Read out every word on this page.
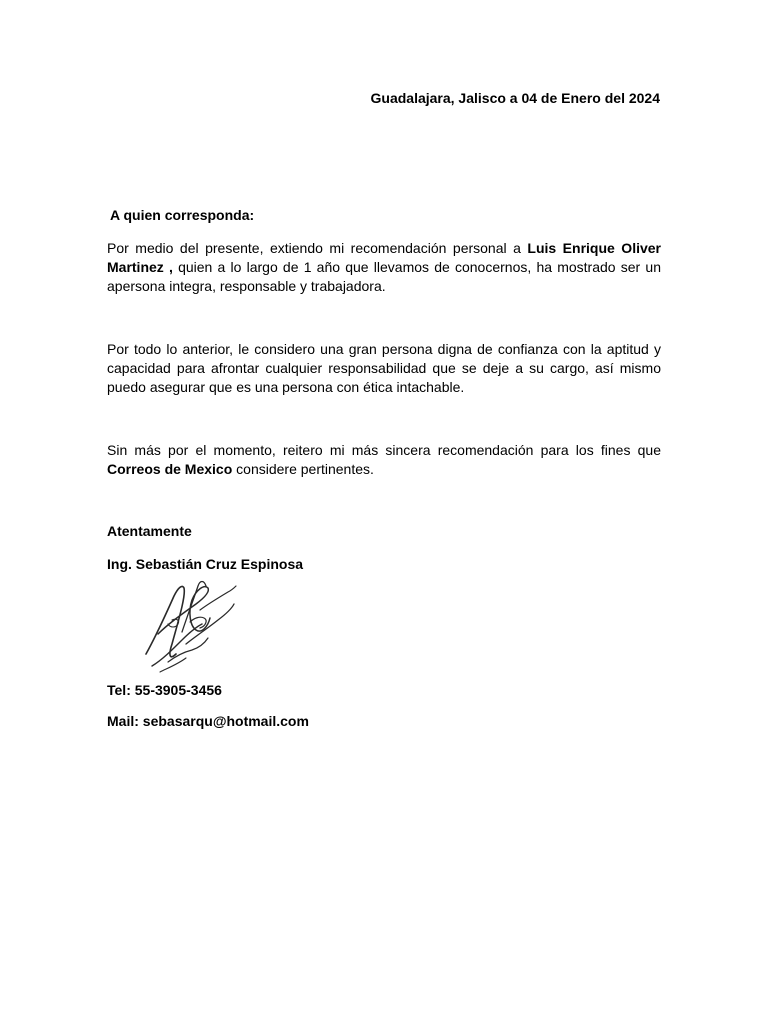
Guadalajara, Jalisco a 04 de Enero del 2024
A quien corresponda:
Por medio del presente, extiendo mi recomendación personal a Luis Enrique Oliver
Martinez , quien a lo largo de 1 año que llevamos de conocernos, ha mostrado ser un
apersona integra, responsable y trabajadora.
Por todo lo anterior, le considero una gran persona digna de confianza con la aptitud y
capacidad para afrontar cualquier responsabilidad que se deje a su cargo, así mismo
puedo asegurar que es una persona con ética intachable.
Sin más por el momento, reitero mi más sincera recomendación para los fines que
Correos de Mexico considere pertinentes.
Atentamente
Ing. Sebastián Cruz Espinosa
Tel: 55-3905-3456
Mail: sebasarqu@hotmail.com
